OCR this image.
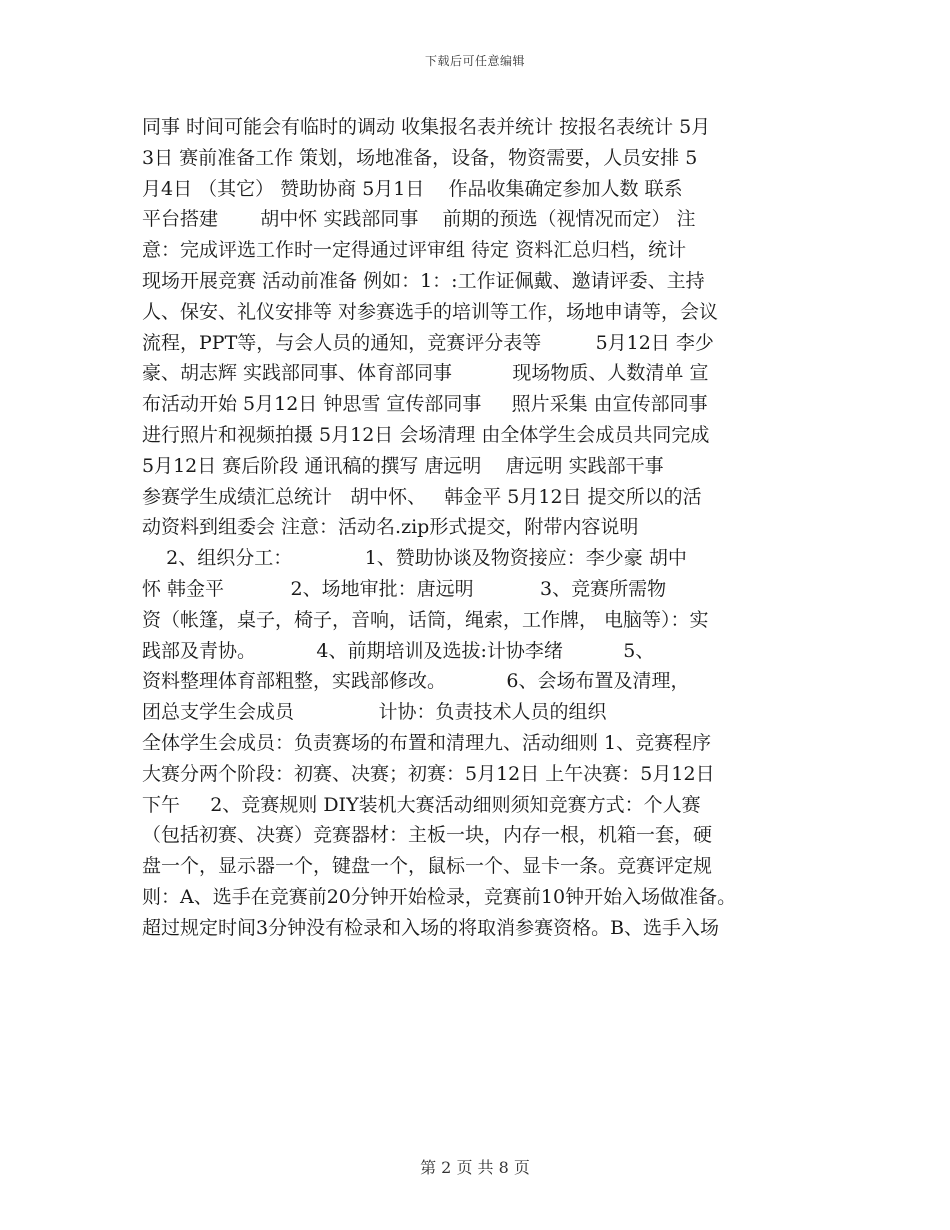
下载后可任意编辑
同事 时间可能会有临时的调动 收集报名表并统计 按报名表统计 5月
3日 赛前准备工作 策划，场地准备，设备，物资需要，人员安排 5
月4日 （其它） 赞助协商 5月1日    作品收集确定参加人数 联系
平台搭建       胡中怀 实践部同事    前期的预选（视情况而定） 注
意：完成评选工作时一定得通过评审组 待定 资料汇总归档，统计
现场开展竞赛 活动前准备 例如：1：:工作证佩戴、邀请评委、主持
人、保安、礼仪安排等 对参赛选手的培训等工作，场地申请等，会议
流程，PPT等，与会人员的通知，竞赛评分表等         5月12日 李少
豪、胡志辉 实践部同事、体育部同事          现场物质、人数清单 宣
布活动开始 5月12日 钟思雪 宣传部同事     照片采集 由宣传部同事
进行照片和视频拍摄 5月12日 会场清理 由全体学生会成员共同完成
5月12日 赛后阶段 通讯稿的撰写 唐远明    唐远明 实践部干事
参赛学生成绩汇总统计   胡中怀、   韩金平 5月12日 提交所以的活
动资料到组委会 注意：活动名.zip形式提交，附带内容说明
2、组织分工：            1、赞助协谈及物资接应：李少豪 胡中
怀 韩金平           2、场地审批：唐远明           3、竞赛所需物
资（帐篷，桌子，椅子，音响，话筒，绳索，工作牌， 电脑等）：实
践部及青协。          4、前期培训及选拔:计协李绪          5、
资料整理体育部粗整，实践部修改。          6、会场布置及清理，
团总支学生会成员              计协：负责技术人员的组织
全体学生会成员：负责赛场的布置和清理九、活动细则 1、竞赛程序
大赛分两个阶段：初赛、决赛；初赛：5月12日 上午决赛：5月12日
下午     2、竞赛规则 DIY装机大赛活动细则须知竞赛方式：个人赛
（包括初赛、决赛）竞赛器材：主板一块，内存一根，机箱一套，硬
盘一个，显示器一个，键盘一个，鼠标一个、显卡一条。竞赛评定规
则：A、选手在竞赛前20分钟开始检录，竞赛前10钟开始入场做准备。
超过规定时间3分钟没有检录和入场的将取消参赛资格。B、选手入场
第 2 页 共 8 页
